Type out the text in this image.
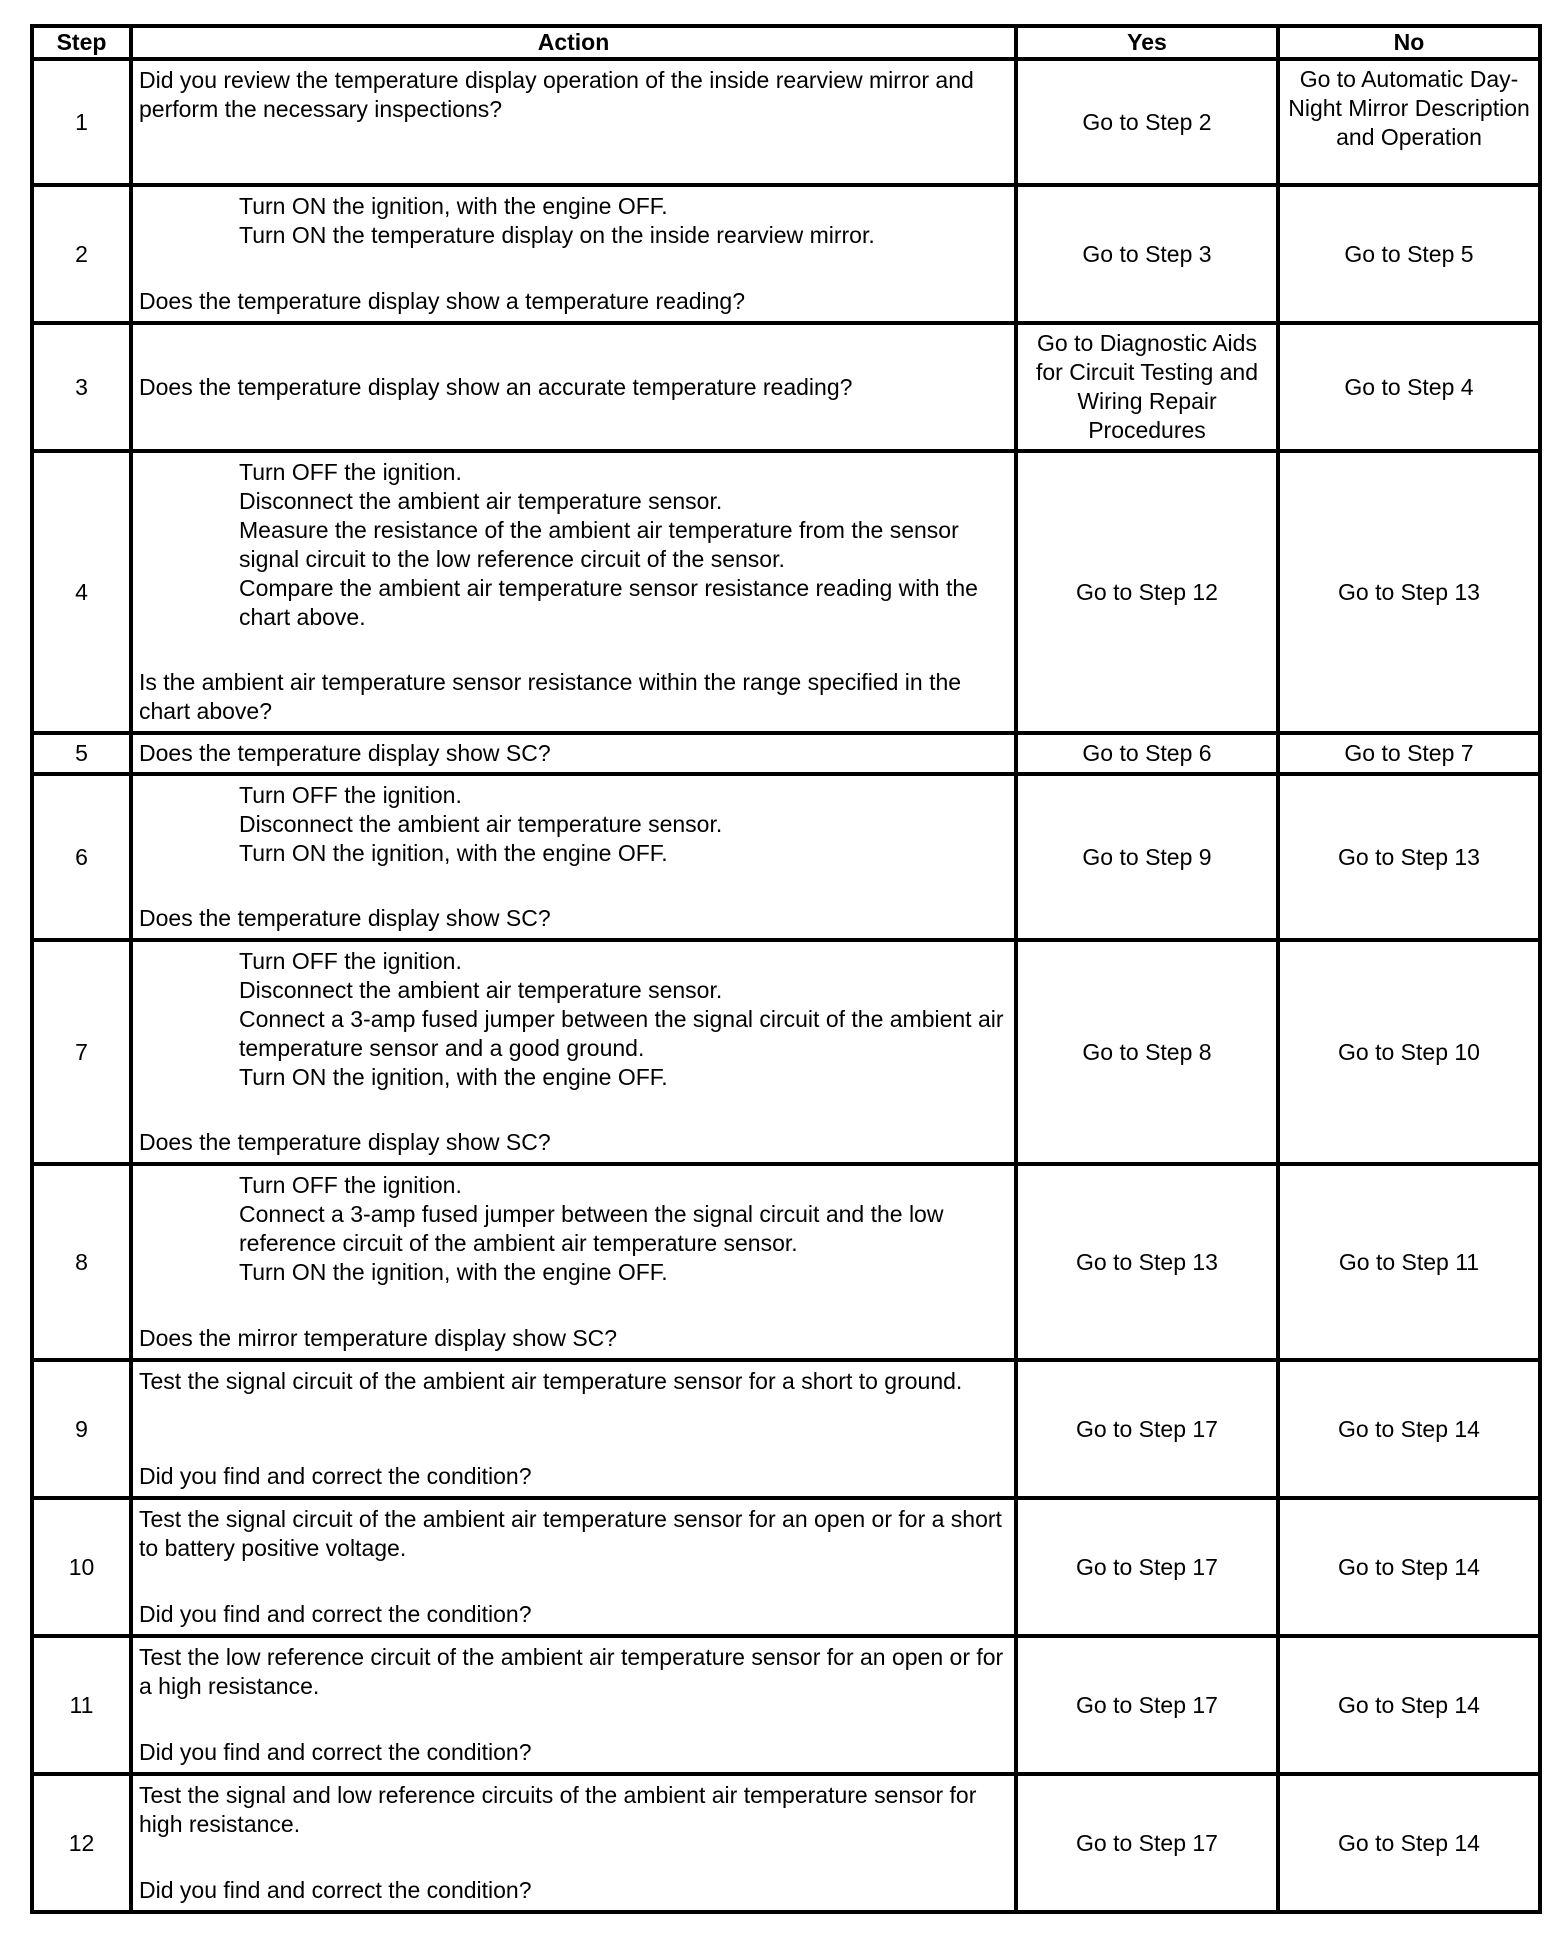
Step	Action	Yes	No
1	Did you review the temperature display operation of the inside rearview mirror and perform the necessary inspections?	Go to Step 2	Go to Automatic Day-Night Mirror Description and Operation
2	Turn ON the ignition, with the engine OFF.
Turn ON the temperature display on the inside rearview mirror.
Does the temperature display show a temperature reading?	Go to Step 3	Go to Step 5
3	Does the temperature display show an accurate temperature reading?	Go to Diagnostic Aids for Circuit Testing and Wiring Repair Procedures	Go to Step 4
4	Turn OFF the ignition.
Disconnect the ambient air temperature sensor.
Measure the resistance of the ambient air temperature from the sensor signal circuit to the low reference circuit of the sensor.
Compare the ambient air temperature sensor resistance reading with the chart above.
Is the ambient air temperature sensor resistance within the range specified in the chart above?	Go to Step 12	Go to Step 13
5	Does the temperature display show SC?	Go to Step 6	Go to Step 7
6	Turn OFF the ignition.
Disconnect the ambient air temperature sensor.
Turn ON the ignition, with the engine OFF.
Does the temperature display show SC?	Go to Step 9	Go to Step 13
7	Turn OFF the ignition.
Disconnect the ambient air temperature sensor.
Connect a 3-amp fused jumper between the signal circuit of the ambient air temperature sensor and a good ground.
Turn ON the ignition, with the engine OFF.
Does the temperature display show SC?	Go to Step 8	Go to Step 10
8	Turn OFF the ignition.
Connect a 3-amp fused jumper between the signal circuit and the low reference circuit of the ambient air temperature sensor.
Turn ON the ignition, with the engine OFF.
Does the mirror temperature display show SC?	Go to Step 13	Go to Step 11
9	Test the signal circuit of the ambient air temperature sensor for a short to ground.
Did you find and correct the condition?	Go to Step 17	Go to Step 14
10	Test the signal circuit of the ambient air temperature sensor for an open or for a short to battery positive voltage.
Did you find and correct the condition?	Go to Step 17	Go to Step 14
11	Test the low reference circuit of the ambient air temperature sensor for an open or for a high resistance.
Did you find and correct the condition?	Go to Step 17	Go to Step 14
12	Test the signal and low reference circuits of the ambient air temperature sensor for high resistance.
Did you find and correct the condition?	Go to Step 17	Go to Step 14
